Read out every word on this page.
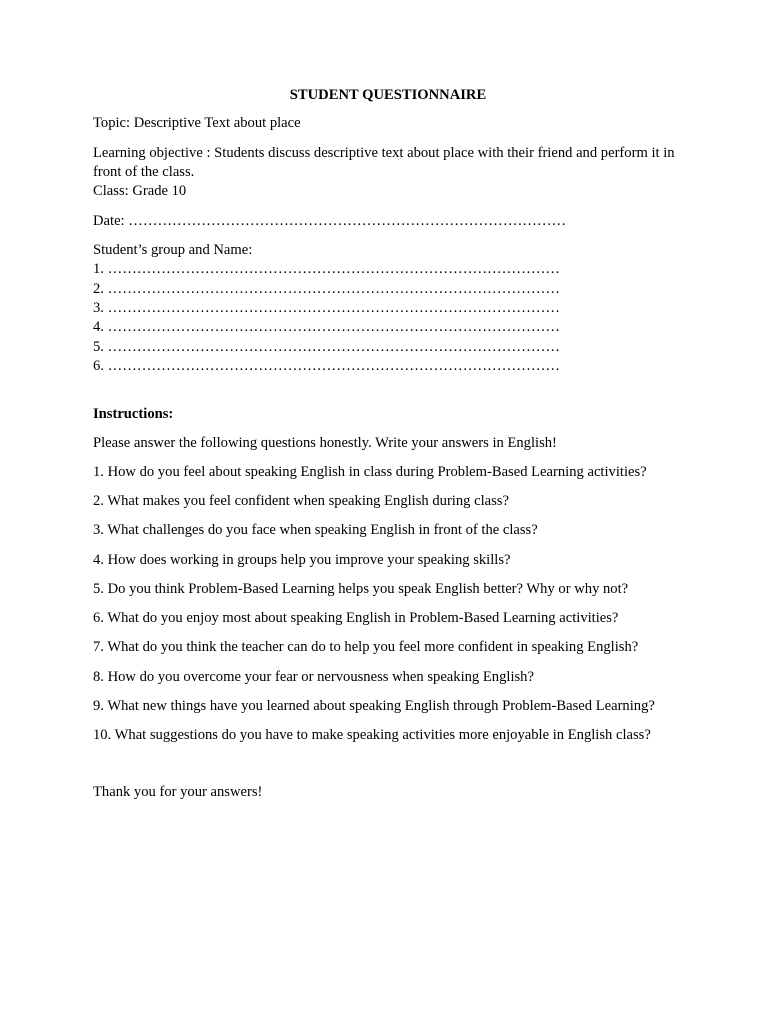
STUDENT QUESTIONNAIRE

Topic: Descriptive Text about place

Learning objective : Students discuss descriptive text about place with their friend and perform it in front of the class.

Class: Grade 10

Date: ………………………………………………………………………………

Student’s group and Name:

1. …………………………………………………………………………………
2. …………………………………………………………………………………
3. …………………………………………………………………………………
4. …………………………………………………………………………………
5. …………………………………………………………………………………
6. …………………………………………………………………………………

Instructions:

Please answer the following questions honestly. Write your answers in English!

1. How do you feel about speaking English in class during Problem-Based Learning activities?

2. What makes you feel confident when speaking English during class?

3. What challenges do you face when speaking English in front of the class?

4. How does working in groups help you improve your speaking skills?

5. Do you think Problem-Based Learning helps you speak English better? Why or why not?

6. What do you enjoy most about speaking English in Problem-Based Learning activities?

7. What do you think the teacher can do to help you feel more confident in speaking English?

8. How do you overcome your fear or nervousness when speaking English?

9. What new things have you learned about speaking English through Problem-Based Learning?

10. What suggestions do you have to make speaking activities more enjoyable in English class?

Thank you for your answers!
